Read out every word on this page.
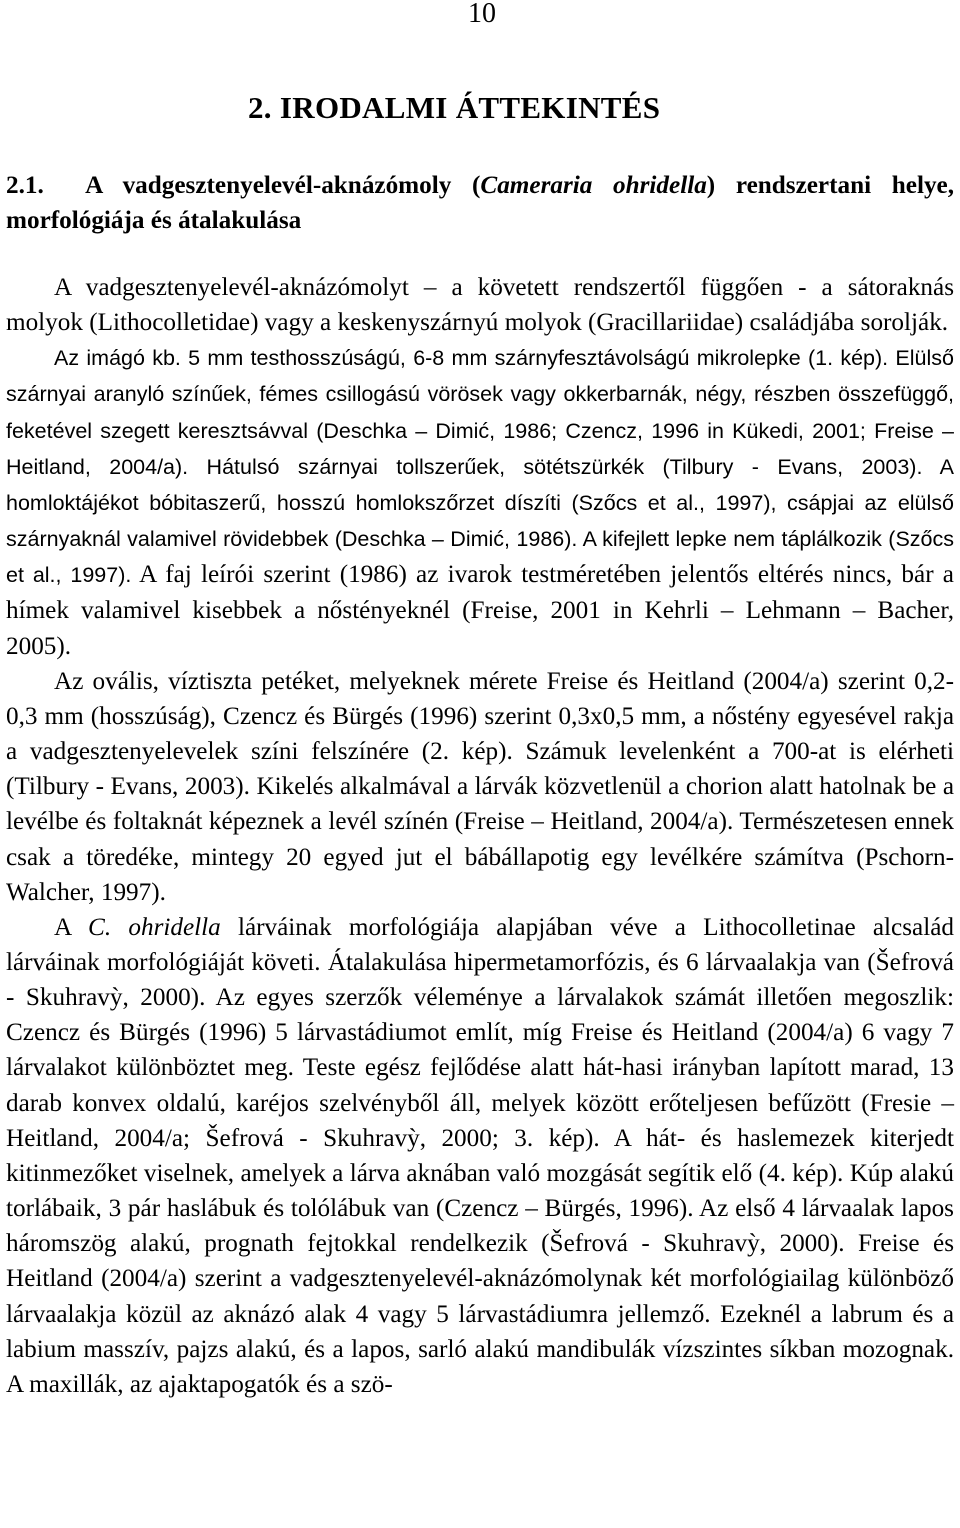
10
2. IRODALMI ÁTTEKINTÉS
2.1. A vadgesztenyelevél-aknázómoly (Cameraria ohridella) rendszertani helye, morfológiája és átalakulása

A vadgesztenyelevél-aknázómolyt – a követett rendszertől függően - a sátoraknás molyok (Lithocolletidae) vagy a keskenyszárnyú molyok (Gracillariidae) családjába sorolják.

Az imágó kb. 5 mm testhosszúságú, 6-8 mm szárnyfesztávolságú mikrolepke (1. kép). Elülső szárnyai aranyló színűek, fémes csillogású vörösek vagy okkerbarnák, négy, részben összefüggő, feketével szegett keresztsávval (Deschka – Dimić, 1986; Czencz, 1996 in Kükedi, 2001; Freise – Heitland, 2004/a). Hátulsó szárnyai tollszerűek, sötétszürkék (Tilbury - Evans, 2003). A homloktájékot bóbitaszerű, hosszú homlokszőrzet díszíti (Szőcs et al., 1997), csápjai az elülső szárnyaknál valamivel rövidebbek (Deschka – Dimić, 1986). A kifejlett lepke nem táplálkozik (Szőcs et al., 1997). A faj leírói szerint (1986) az ivarok testméretében jelentős eltérés nincs, bár a hímek valamivel kisebbek a nőstényeknél (Freise, 2001 in Kehrli – Lehmann – Bacher, 2005).

Az ovális, víztiszta petéket, melyeknek mérete Freise és Heitland (2004/a) szerint 0,2-0,3 mm (hosszúság), Czencz és Bürgés (1996) szerint 0,3x0,5 mm, a nőstény egyesével rakja a vadgesztenyelevelek színi felszínére (2. kép). Számuk levelenként a 700-at is elérheti (Tilbury - Evans, 2003). Kikelés alkalmával a lárvák közvetlenül a chorion alatt hatolnak be a levélbe és foltaknát képeznek a levél színén (Freise – Heitland, 2004/a). Természetesen ennek csak a töredéke, mintegy 20 egyed jut el bábállapotig egy levélkére számítva (Pschorn-Walcher, 1997).

A C. ohridella lárváinak morfológiája alapjában véve a Lithocolletinae alcsalád lárváinak morfológiáját követi. Átalakulása hipermetamorfózis, és 6 lárvaalakja van (Šefrová - Skuhravỳ, 2000). Az egyes szerzők véleménye a lárvalakok számát illetően megoszlik: Czencz és Bürgés (1996) 5 lárvastádiumot említ, míg Freise és Heitland (2004/a) 6 vagy 7 lárvalakot különböztet meg. Teste egész fejlődése alatt hát-hasi irányban lapított marad, 13 darab konvex oldalú, karéjos szelvényből áll, melyek között erőteljesen befűzött (Fresie – Heitland, 2004/a; Šefrová - Skuhravỳ, 2000; 3. kép). A hát- és haslemezek kiterjedt kitinmezőket viselnek, amelyek a lárva aknában való mozgását segítik elő (4. kép). Kúp alakú torlábaik, 3 pár haslábuk és tolólábuk van (Czencz – Bürgés, 1996). Az első 4 lárvaalak lapos háromszög alakú, prognath fejtokkal rendelkezik (Šefrová - Skuhravỳ, 2000). Freise és Heitland (2004/a) szerint a vadgesztenyelevél-aknázómolynak két morfológiailag különböző lárvaalakja közül az aknázó alak 4 vagy 5 lárvastádiumra jellemző. Ezeknél a labrum és a labium masszív, pajzs alakú, és a lapos, sarló alakú mandibulák vízszintes síkban mozognak. A maxillák, az ajaktapogatók és a szö-
